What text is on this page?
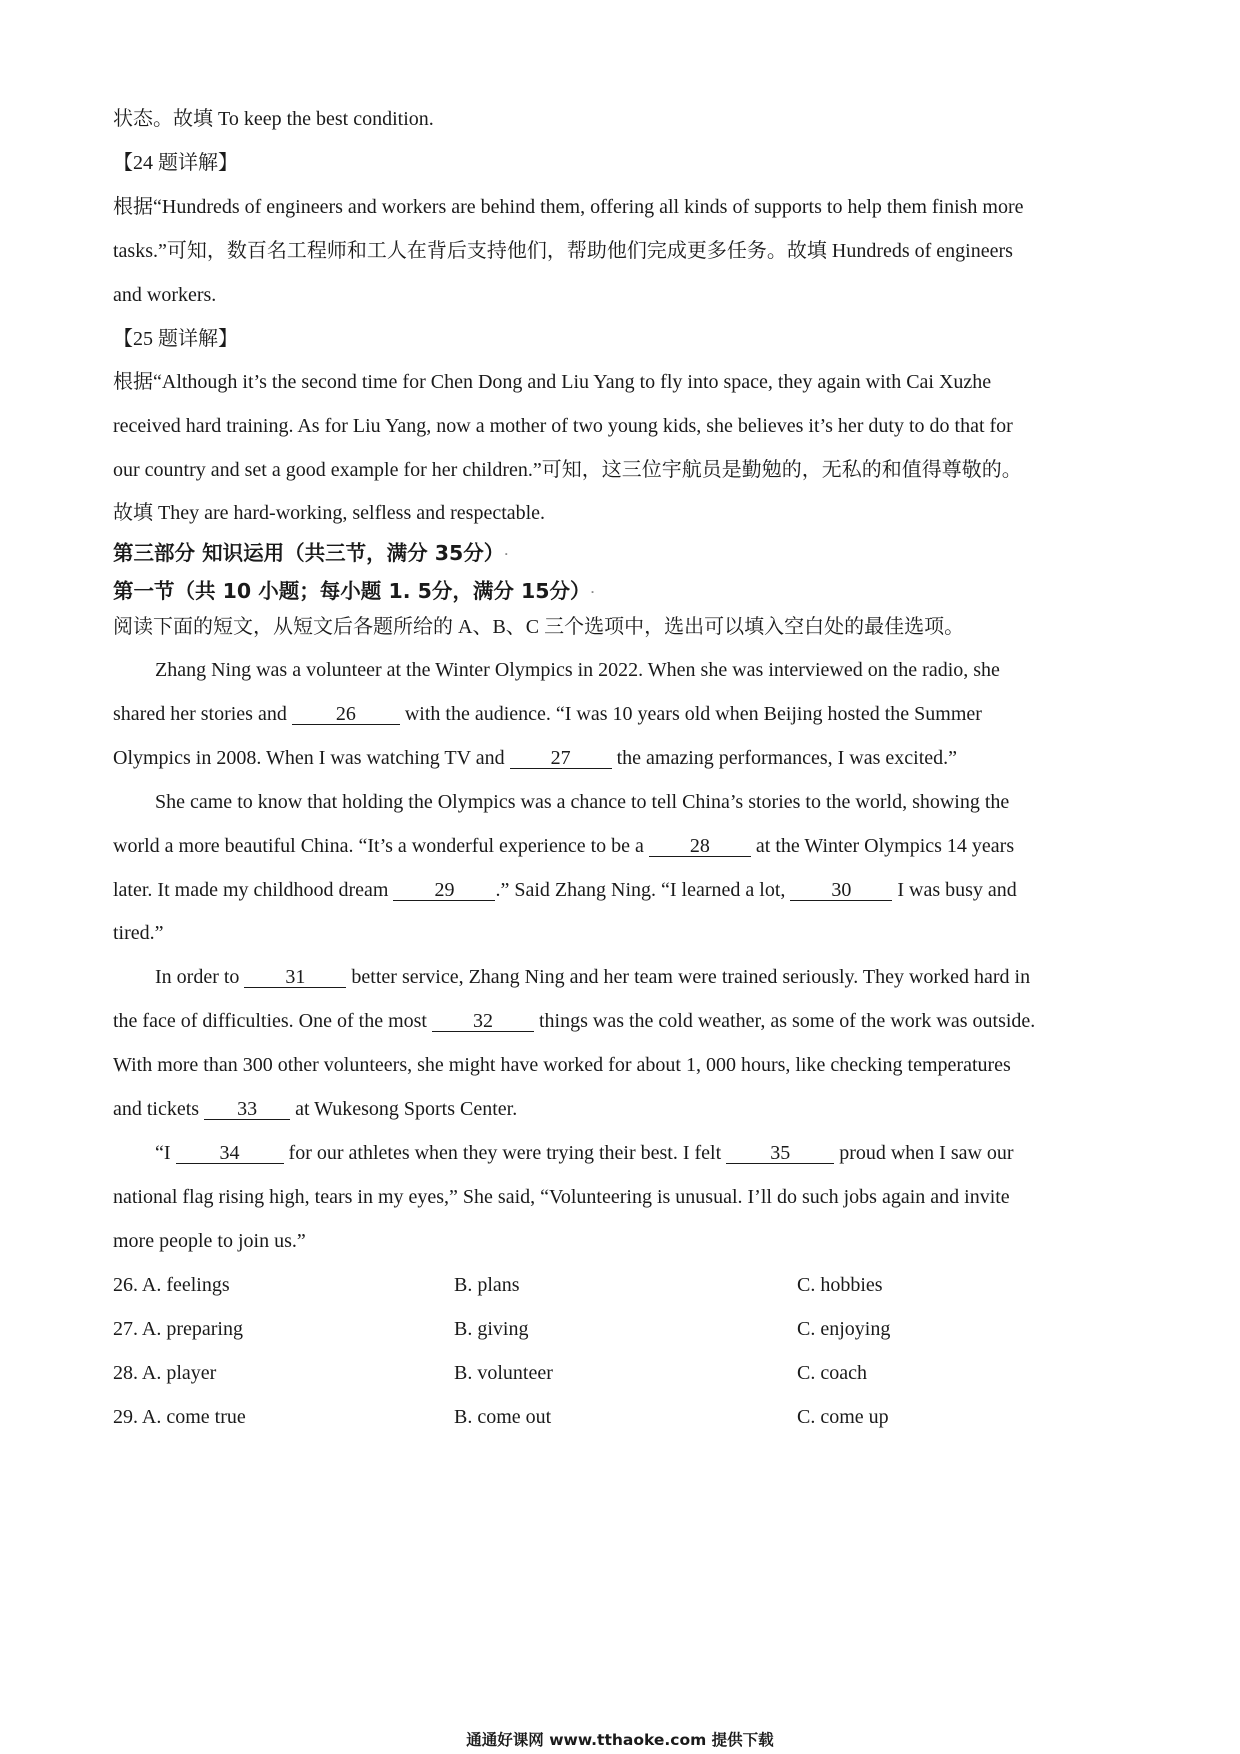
状态。故填 To keep the best condition.
【24 题详解】
根据“Hundreds of engineers and workers are behind them, offering all kinds of supports to help them finish more
tasks.”可知，数百名工程师和工人在背后支持他们，帮助他们完成更多任务。故填 Hundreds of engineers
and workers.
【25 题详解】
根据“Although it’s the second time for Chen Dong and Liu Yang to fly into space, they again with Cai Xuzhe
received hard training. As for Liu Yang, now a mother of two young kids, she believes it’s her duty to do that for
our country and set a good example for her children.”可知，这三位宇航员是勤勉的，无私的和值得尊敬的。
故填 They are hard-working, selfless and respectable.
第三部分 知识运用（共三节，满分 35分）.
第一节（共 10 小题；每小题 1. 5分，满分 15分）.
阅读下面的短文，从短文后各题所给的 A、B、C 三个选项中，选出可以填入空白处的最佳选项。
Zhang Ning was a volunteer at the Winter Olympics in 2022. When she was interviewed on the radio, she
shared her stories and 26 with the audience. “I was 10 years old when Beijing hosted the Summer
Olympics in 2008. When I was watching TV and 27 the amazing performances, I was excited.”
She came to know that holding the Olympics was a chance to tell China’s stories to the world, showing the
world a more beautiful China. “It’s a wonderful experience to be a 28 at the Winter Olympics 14 years
later. It made my childhood dream 29 .” Said Zhang Ning. “I learned a lot, 30 I was busy and
tired.”
In order to 31 better service, Zhang Ning and her team were trained seriously. They worked hard in
the face of difficulties. One of the most 32 things was the cold weather, as some of the work was outside.
With more than 300 other volunteers, she might have worked for about 1, 000 hours, like checking temperatures
and tickets 33 at Wukesong Sports Center.
“I 34 for our athletes when they were trying their best. I felt 35 proud when I saw our
national flag rising high, tears in my eyes,” She said, “Volunteering is unusual. I’ll do such jobs again and invite
more people to join us.”
26. A. feelings	B. plans	C. hobbies
27. A. preparing	B. giving	C. enjoying
28. A. player	B. volunteer	C. coach
29. A. come true	B. come out	C. come up
通通好课网 www.tthaoke.com 提供下载
